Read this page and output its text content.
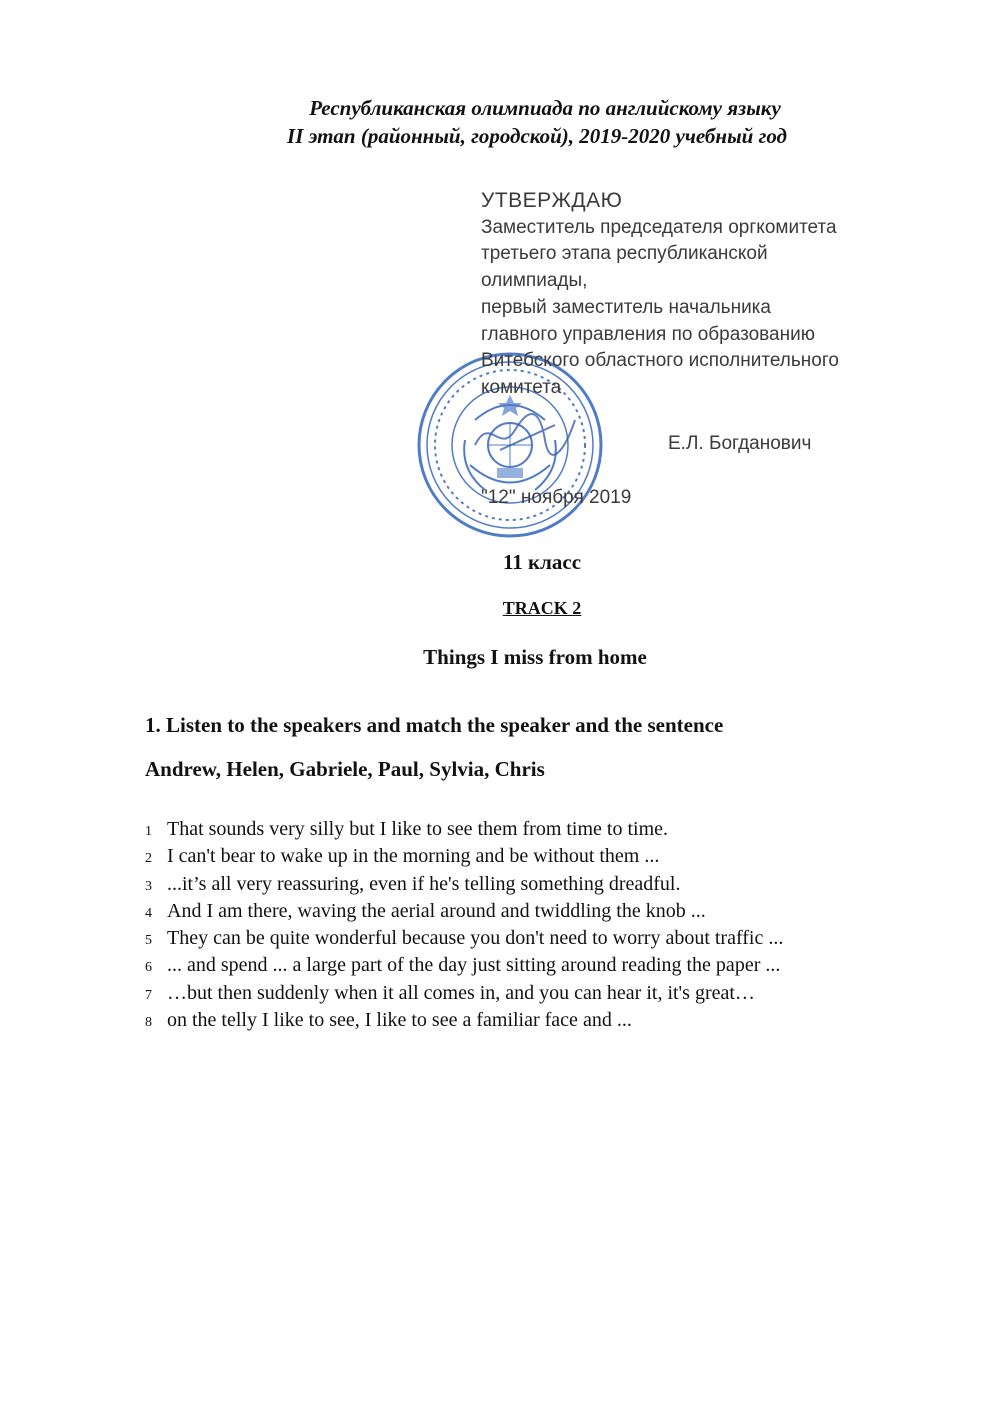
Республиканская олимпиада по английскому языку
II этап (районный, городской), 2019-2020 учебный год
УТВЕРЖДАЮ
Заместитель председателя оргкомитета
третьего этапа республиканской
олимпиады,
первый заместитель начальника
главного управления по образованию
Витебского областного исполнительного
комитета
Е.Л. Богданович
"12" ноября 2019
11 класс
TRACK 2
Things I miss from home
1. Listen to the speakers and match the speaker and the sentence
Andrew, Helen, Gabriele, Paul, Sylvia, Chris
1 That sounds very silly but I like to see them from time to time.
2 I can't bear to wake up in the morning and be without them ...
3 ...it’s all very reassuring, even if he's telling something dreadful.
4 And I am there, waving the aerial around and twiddling the knob ...
5 They can be quite wonderful because you don't need to worry about traffic ...
6 ... and spend ... a large part of the day just sitting around reading the paper ...
7 …but then suddenly when it all comes in, and you can hear it, it's great…
8 on the telly I like to see, I like to see a familiar face and ...
